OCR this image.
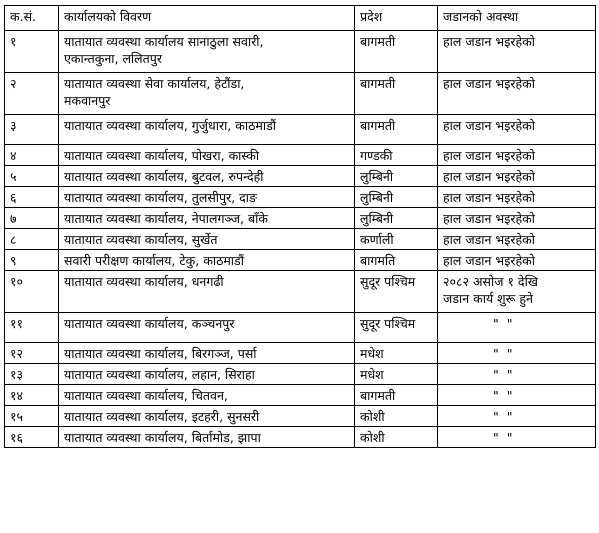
क.सं.	कार्यालयको विवरण	प्रदेश	जडानको अवस्था
१	यातायात व्यवस्था कार्यालय सानाठुला सवारी,
एकान्तकुना, ललितपुर	बागमती	हाल जडान भइरहेको

२	यातायात व्यवस्था सेवा कार्यालय, हेटौंडा,
मकवानपुर	बागमती	हाल जडान भइरहेको

३	यातायात व्यवस्था कार्यालय, गुर्जुधारा, काठमाडौं	बागमती	हाल जडान भइरहेको

४	यातायात व्यवस्था कार्यालय, पोखरा, कास्की	गण्डकी	हाल जडान भइरहेको

५	यातायात व्यवस्था कार्यालय, बुटवल, रुपन्देही	लुम्बिनी	हाल जडान भइरहेको

६	यातायात व्यवस्था कार्यालय, तुलसीपुर, दाङ	लुम्बिनी	हाल जडान भइरहेको

७	यातायात व्यवस्था कार्यालय, नेपालगञ्ज, बाँके	लुम्बिनी	हाल जडान भइरहेको

८	यातायात व्यवस्था कार्यालय, सुर्खेत	कर्णाली	हाल जडान भइरहेको

९	सवारी परीक्षण कार्यालय, टेकु, काठमाडौं	बागमति	हाल जडान भइरहेको

१०	यातायात व्यवस्था कार्यालय, धनगढी	सुदूर पश्चिम	२०८२ असोज १ देखि
जडान कार्य शुरू हुने

११	यातायात व्यवस्था कार्यालय, कञ्चनपुर	सुदूर पश्चिम	" "

१२	यातायात व्यवस्था कार्यालय, बिरगञ्ज, पर्सा	मधेश	" "

१३	यातायात व्यवस्था कार्यालय, लहान, सिराहा	मधेश	" "

१४	यातायात व्यवस्था कार्यालय, चितवन,	बागमती	" "

१५	यातायात व्यवस्था कार्यालय, इटहरी, सुनसरी	कोशी	" "

१६	यातायात व्यवस्था कार्यालय, बिर्तामोड, झापा	कोशी	" "
